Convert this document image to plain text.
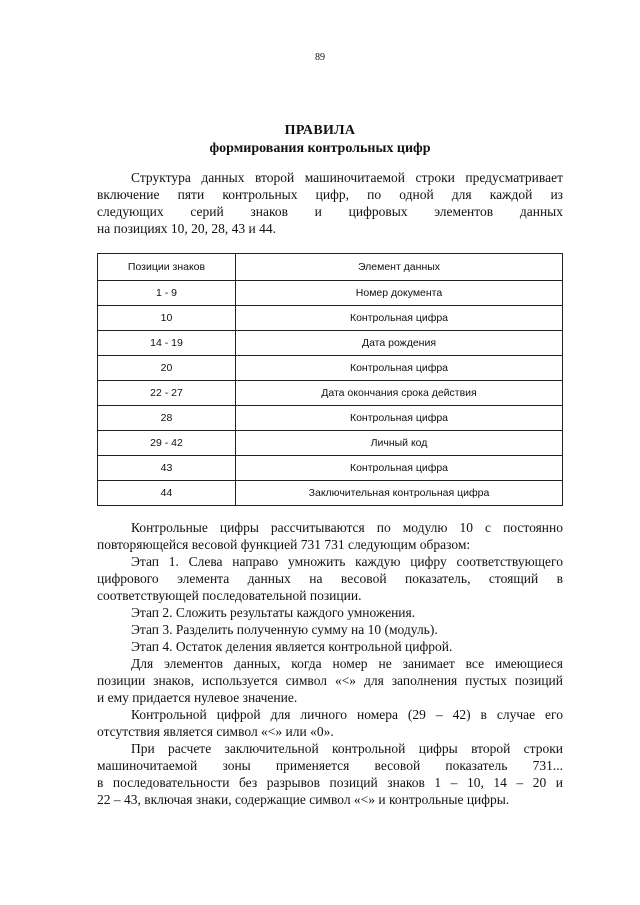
89
ПРАВИЛА
формирования контрольных цифр
Структура данных второй машиночитаемой строки предусматривает
включение пяти контрольных цифр, по одной для каждой из
следующих серий знаков и цифровых элементов данных
на позициях 10, 20, 28, 43 и 44.
Позиции знаков	Элемент данных
1 - 9	Номер документа
10	Контрольная цифра
14 - 19	Дата рождения
20	Контрольная цифра
22 - 27	Дата окончания срока действия
28	Контрольная цифра
29 - 42	Личный код
43	Контрольная цифра
44	Заключительная контрольная цифра
Контрольные цифры рассчитываются по модулю 10 с постоянно
повторяющейся весовой функцией 731 731 следующим образом:
Этап 1. Слева направо умножить каждую цифру соответствующего
цифрового элемента данных на весовой показатель, стоящий в
соответствующей последовательной позиции.
Этап 2. Сложить результаты каждого умножения.
Этап 3. Разделить полученную сумму на 10 (модуль).
Этап 4. Остаток деления является контрольной цифрой.
Для элементов данных, когда номер не занимает все имеющиеся
позиции знаков, используется символ «<» для заполнения пустых позиций
и ему придается нулевое значение.
Контрольной цифрой для личного номера (29 – 42) в случае его
отсутствия является символ «<» или «0».
При расчете заключительной контрольной цифры второй строки
машиночитаемой зоны применяется весовой показатель 731...
в последовательности без разрывов позиций знаков 1 – 10, 14 – 20 и
22 – 43, включая знаки, содержащие символ «<» и контрольные цифры.
